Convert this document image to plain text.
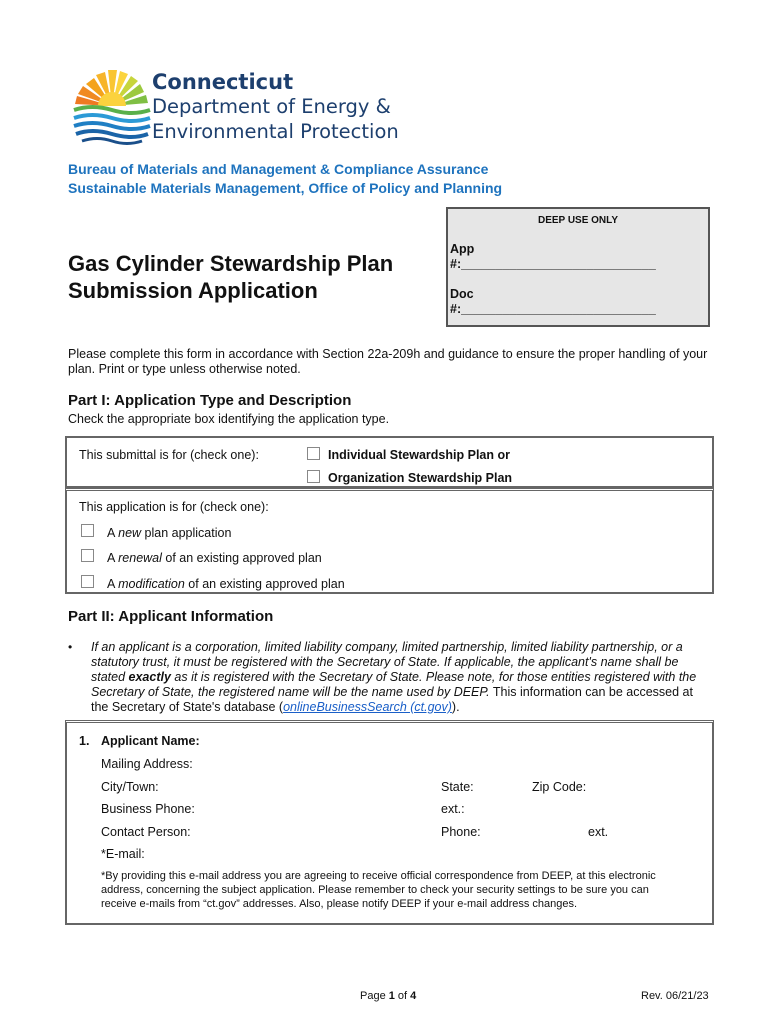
Connecticut
Department of Energy &
Environmental Protection
Bureau of Materials and Management & Compliance Assurance
Sustainable Materials Management, Office of Policy and Planning
DEEP USE ONLY
App
#:____________________________
Doc
#:____________________________
Gas Cylinder Stewardship Plan
Submission Application
Please complete this form in accordance with Section 22a-209h and guidance to ensure the proper handling of your plan. Print or type unless otherwise noted.
Part I: Application Type and Description
Check the appropriate box identifying the application type.
This submittal is for (check one):	Individual Stewardship Plan or
Organization Stewardship Plan
This application is for (check one):
A new plan application
A renewal of an existing approved plan
A modification of an existing approved plan
Part II: Applicant Information
• If an applicant is a corporation, limited liability company, limited partnership, limited liability partnership, or a statutory trust, it must be registered with the Secretary of State. If applicable, the applicant's name shall be stated exactly as it is registered with the Secretary of State. Please note, for those entities registered with the Secretary of State, the registered name will be the name used by DEEP. This information can be accessed at the Secretary of State's database (onlineBusinessSearch (ct.gov)).
1. Applicant Name:
Mailing Address:
City/Town:	State:	Zip Code:
Business Phone:	ext.:
Contact Person:	Phone:	ext.
*E-mail:
*By providing this e-mail address you are agreeing to receive official correspondence from DEEP, at this electronic address, concerning the subject application. Please remember to check your security settings to be sure you can receive e-mails from “ct.gov” addresses. Also, please notify DEEP if your e-mail address changes.
Page 1 of 4	Rev. 06/21/23
